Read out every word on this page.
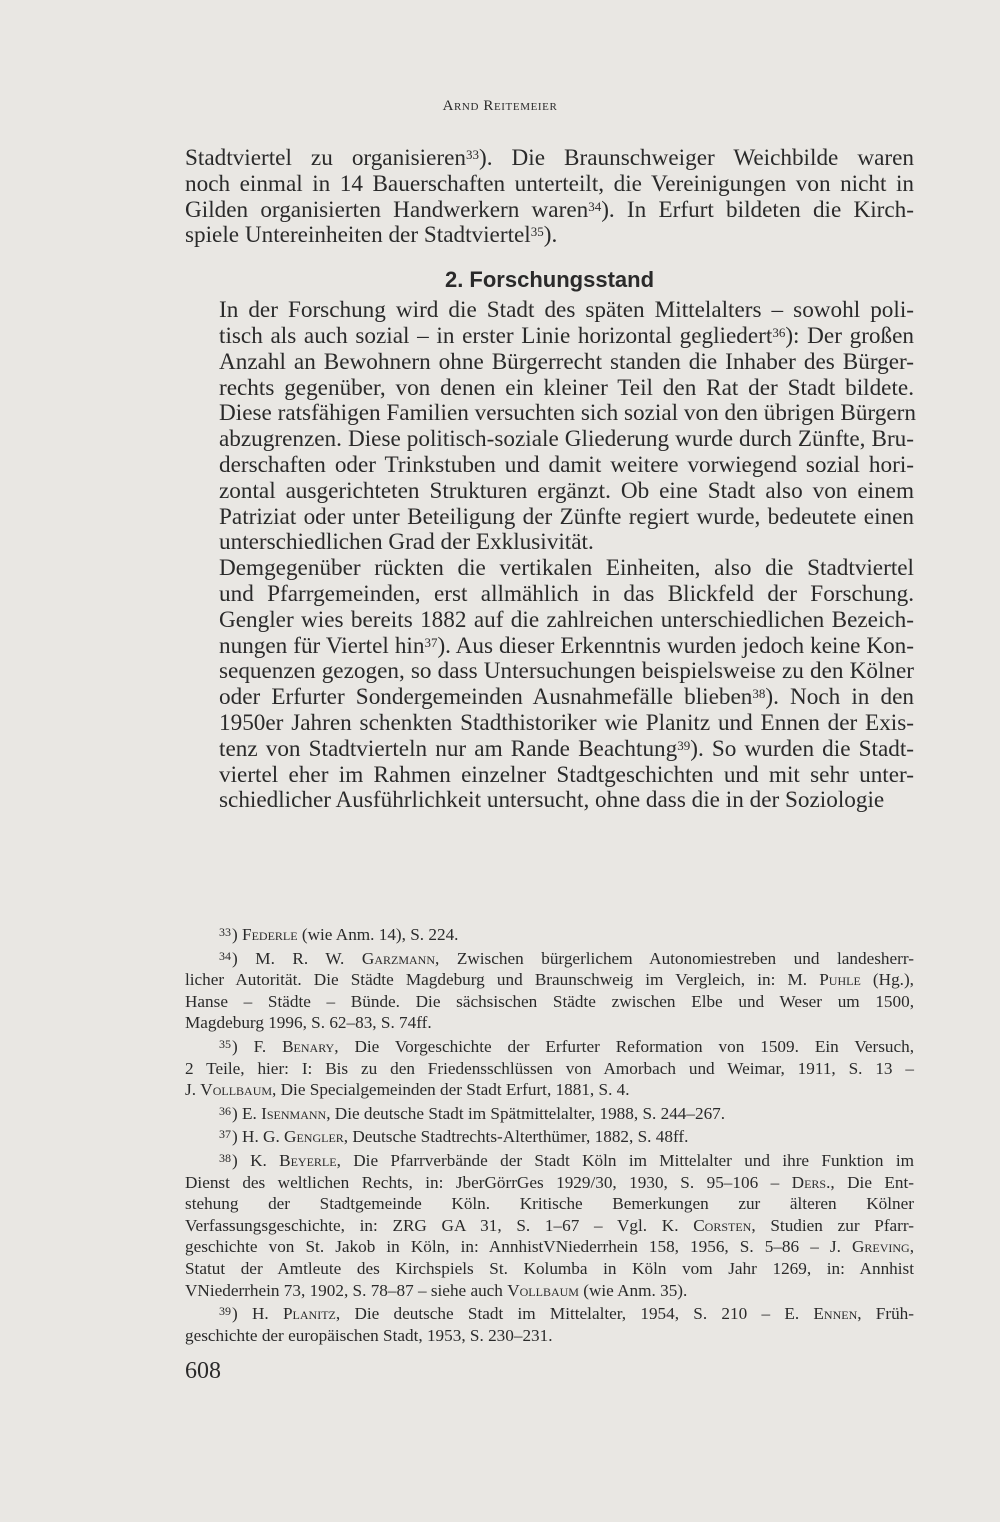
Arnd Reitemeier

Stadtviertel zu organisieren$^{33}$). Die Braunschweiger Weichbilde waren
noch einmal in 14 Bauerschaften unterteilt, die Vereinigungen von nicht in
Gilden organisierten Handwerkern waren$^{34}$). In Erfurt bildeten die Kirch-
spiele Untereinheiten der Stadtviertel$^{35}$).

2. Forschungsstand

In der Forschung wird die Stadt des späten Mittelalters – sowohl poli-
tisch als auch sozial – in erster Linie horizontal gegliedert$^{36}$): Der großen
Anzahl an Bewohnern ohne Bürgerrecht standen die Inhaber des Bürger-
rechts gegenüber, von denen ein kleiner Teil den Rat der Stadt bildete.
Diese ratsfähigen Familien versuchten sich sozial von den übrigen Bürgern
abzugrenzen. Diese politisch-soziale Gliederung wurde durch Zünfte, Bru-
derschaften oder Trinkstuben und damit weitere vorwiegend sozial hori-
zontal ausgerichteten Strukturen ergänzt. Ob eine Stadt also von einem
Patriziat oder unter Beteiligung der Zünfte regiert wurde, bedeutete einen
unterschiedlichen Grad der Exklusivität.

Demgegenüber rückten die vertikalen Einheiten, also die Stadtviertel
und Pfarrgemeinden, erst allmählich in das Blickfeld der Forschung.
Gengler wies bereits 1882 auf die zahlreichen unterschiedlichen Bezeich-
nungen für Viertel hin$^{37}$). Aus dieser Erkenntnis wurden jedoch keine Kon-
sequenzen gezogen, so dass Untersuchungen beispielsweise zu den Kölner
oder Erfurter Sondergemeinden Ausnahmefälle blieben$^{38}$). Noch in den
1950er Jahren schenkten Stadthistoriker wie Planitz und Ennen der Exis-
tenz von Stadtvierteln nur am Rande Beachtung$^{39}$). So wurden die Stadt-
viertel eher im Rahmen einzelner Stadtgeschichten und mit sehr unter-
schiedlicher Ausführlichkeit untersucht, ohne dass die in der Soziologie

$^{33}$) Federle (wie Anm. 14), S. 224.

$^{34}$) M. R. W. Garzmann, Zwischen bürgerlichem Autonomiestreben und landesherr-
licher Autorität. Die Städte Magdeburg und Braunschweig im Vergleich, in: M. Puhle (Hg.),
Hanse – Städte – Bünde. Die sächsischen Städte zwischen Elbe und Weser um 1500,
Magdeburg 1996, S. 62–83, S. 74ff.

$^{35}$) F. Benary, Die Vorgeschichte der Erfurter Reformation von 1509. Ein Versuch,
2 Teile, hier: I: Bis zu den Friedensschlüssen von Amorbach und Weimar, 1911, S. 13 –
J. Vollbaum, Die Specialgemeinden der Stadt Erfurt, 1881, S. 4.

$^{36}$) E. Isenmann, Die deutsche Stadt im Spätmittelalter, 1988, S. 244–267.

$^{37}$) H. G. Gengler, Deutsche Stadtrechts-Alterthümer, 1882, S. 48ff.

$^{38}$) K. Beyerle, Die Pfarrverbände der Stadt Köln im Mittelalter und ihre Funktion im
Dienst des weltlichen Rechts, in: JberGörrGes 1929/30, 1930, S. 95–106 – Ders., Die Ent-
stehung der Stadtgemeinde Köln. Kritische Bemerkungen zur älteren Kölner
Verfassungsgeschichte, in: ZRG GA 31, S. 1–67 – Vgl. K. Corsten, Studien zur Pfarr-
geschichte von St. Jakob in Köln, in: AnnhistVNiederrhein 158, 1956, S. 5–86 – J. Greving,
Statut der Amtleute des Kirchspiels St. Kolumba in Köln vom Jahr 1269, in: Annhist
VNiederrhein 73, 1902, S. 78–87 – siehe auch Vollbaum (wie Anm. 35).

$^{39}$) H. Planitz, Die deutsche Stadt im Mittelalter, 1954, S. 210 – E. Ennen, Früh-
geschichte der europäischen Stadt, 1953, S. 230–231.

608
